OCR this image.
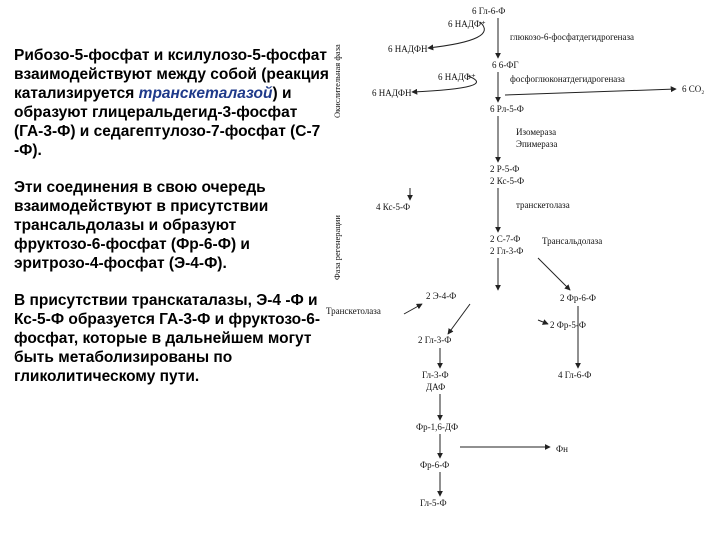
Рибозо-5-фосфат и ксилулозо-5-фосфат взаимодействуют между собой (реакция катализируется транскеталазой) и образуют глицеральдегид-3-фосфат (ГА-3-Ф) и седагептулозо-7-фосфат (С-7 -Ф).

Эти соединения в свою очередь взаимодействуют в присутствии трансальдолазы и образуют фруктозо-6-фосфат (Фр-6-Ф) и эритрозо-4-фосфат (Э-4-Ф).

В присутствии транскаталазы, Э-4 -Ф и Кс-5-Ф образуется ГА-3-Ф и фруктозо-6-фосфат, которые в дальнейшем могут быть метаболизированы по гликолитическому пути.

Окислительная фаза
Фаза регенерации
6 Гл-6-Ф
6 НАДФ⁺
глюкозо-6-фосфатдегидрогеназа
6 НАДФН
6 6-ФГ
6 НАДФ⁺	фосфоглюконатдегидрогеназа
6 НАДФН	6 CO₂
6 Рл-5-Ф
Изомераза
Эпимераза
2 Р-5-Ф
2 Кс-5-Ф
4 Кс-5-Ф	транскетолаза
2 С-7-Ф
2 Гл-3-Ф
Трансальдолаза
2 Э-4-Ф	2 Фр-6-Ф
Транскетолаза
2 Гл-3-Ф
2 Фр-5-Ф
Гл-3-Ф
ДАФ
4 Гл-6-Ф
Фр-1,6-ДФ
Фн
Фр-6-Ф
Гл-5-Ф
